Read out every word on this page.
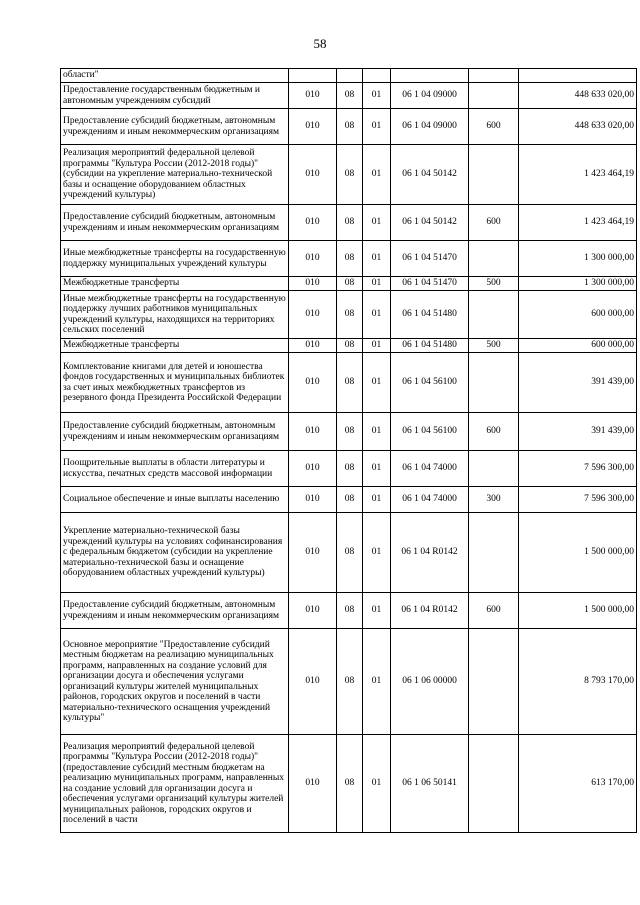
58
области"						
Предоставление государственным бюджетным и автономным учреждениям субсидий	010	08	01	06 1 04 09000		448 633 020,00
Предоставление субсидий бюджетным, автономным учреждениям и иным некоммерческим организациям	010	08	01	06 1 04 09000	600	448 633 020,00
Реализация мероприятий федеральной целевой программы "Культура России (2012-2018 годы)" (субсидии на укрепление материально-технической базы и оснащение оборудованием областных учреждений культуры)	010	08	01	06 1 04 50142		1 423 464,19
Предоставление субсидий бюджетным, автономным учреждениям и иным некоммерческим организациям	010	08	01	06 1 04 50142	600	1 423 464,19
Иные межбюджетные трансферты на государственную поддержку муниципальных учреждений культуры	010	08	01	06 1 04 51470		1 300 000,00
Межбюджетные трансферты	010	08	01	06 1 04 51470	500	1 300 000,00
Иные межбюджетные трансферты на государственную поддержку лучших работников муниципальных учреждений культуры, находящихся на территориях сельских поселений	010	08	01	06 1 04 51480		600 000,00
Межбюджетные трансферты	010	08	01	06 1 04 51480	500	600 000,00
Комплектование книгами для детей и юношества фондов государственных и муниципальных библиотек за счет иных межбюджетных трансфертов из резервного фонда Президента Российской Федерации	010	08	01	06 1 04 56100		391 439,00
Предоставление субсидий бюджетным, автономным учреждениям и иным некоммерческим организациям	010	08	01	06 1 04 56100	600	391 439,00
Поощрительные выплаты в области литературы и искусства, печатных средств массовой информации	010	08	01	06 1 04 74000		7 596 300,00
Социальное обеспечение и иные выплаты населению	010	08	01	06 1 04 74000	300	7 596 300,00
Укрепление материально-технической базы учреждений культуры на условиях софинансирования с федеральным бюджетом (субсидии на укрепление материально-технической базы и оснащение оборудованием областных учреждений культуры)	010	08	01	06 1 04 R0142		1 500 000,00
Предоставление субсидий бюджетным, автономным учреждениям и иным некоммерческим организациям	010	08	01	06 1 04 R0142	600	1 500 000,00
Основное мероприятие "Предоставление субсидий местным бюджетам на реализацию муниципальных программ, направленных на создание условий для организации досуга и обеспечения услугами организаций культуры жителей муниципальных районов, городских округов и поселений в части материально-технического оснащения учреждений культуры"	010	08	01	06 1 06 00000		8 793 170,00
Реализация мероприятий федеральной целевой программы "Культура России (2012-2018 годы)" (предоставление субсидий местным бюджетам на реализацию муниципальных программ, направленных на создание условий для организации досуга и обеспечения услугами организаций культуры жителей муниципальных районов, городских округов и поселений в части	010	08	01	06 1 06 50141		613 170,00
